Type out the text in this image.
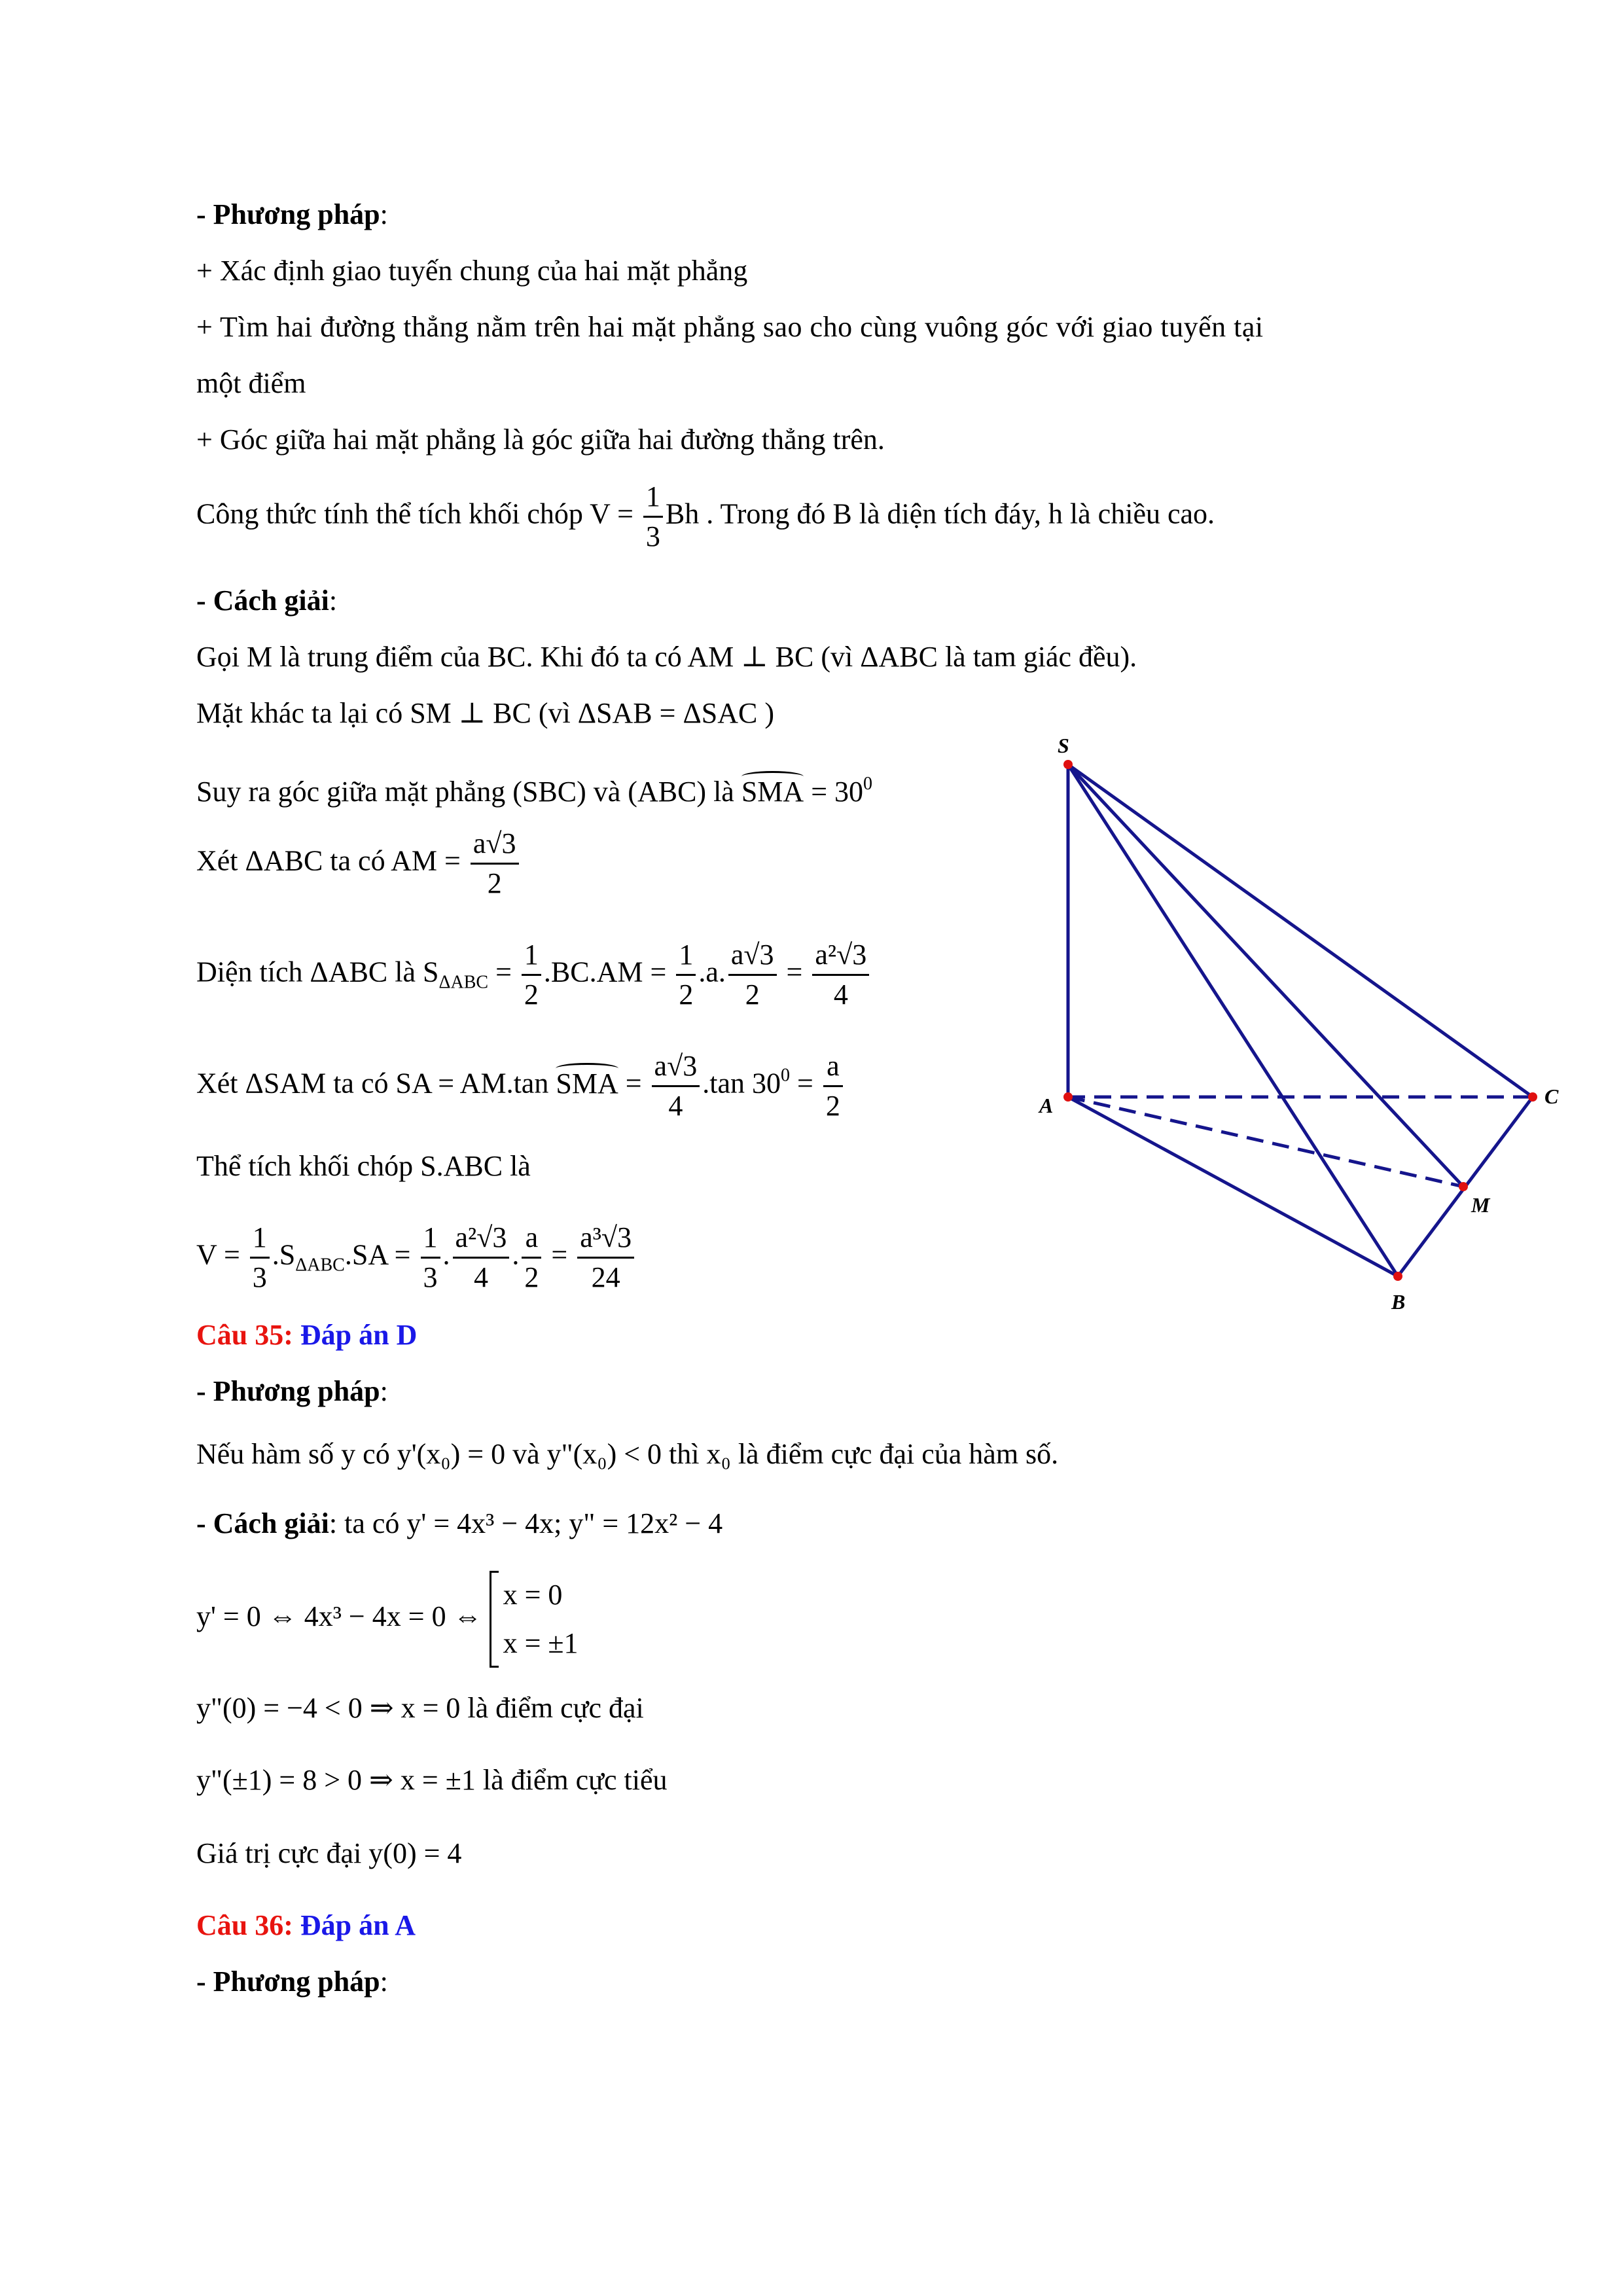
- Phương pháp:
+ Xác định giao tuyến chung của hai mặt phẳng
+ Tìm hai đường thẳng nằm trên hai mặt phẳng sao cho cùng vuông góc với giao tuyến tại
một điểm
+ Góc giữa hai mặt phẳng là góc giữa hai đường thẳng trên.
Công thức tính thể tích khối chóp $V = \frac{1}{3}$ Bh . Trong đó B là diện tích đáy, h là chiều cao.
- Cách giải:
Gọi M là trung điểm của BC. Khi đó ta có AM ⊥ BC (vì ΔABC là tam giác đều).
Mặt khác ta lại có SM ⊥ BC (vì ΔSAB = ΔSAC )
Suy ra góc giữa mặt phẳng (SBC) và (ABC) là SMA = $30^0$
Xét ΔABC ta có AM = $\frac{a√3}{2}$
Diện tích ΔABC là $S_{\Delta ABC} = \frac{1}{2} .BC.AM = \frac{1}{2} .a$. $\frac{a√3}{2} = \frac{\text{a²√3}}{4}$
Xét ΔSAM ta có SA = AM.tan SMA = $\frac{a√3}{4} .\tan$ $30^0 = \frac{a}{2}$
Thể tích khối chóp S.ABC là
$V = \frac{1}{3} .S_{\Delta ABC}.SA = \frac{1}{3}$ . $\frac{\text{a²√3}}{4}$ . $\frac{a}{2} = \frac{\text{a³√3}}{24}$
Câu 35: Đáp án D
- Phương pháp:
Nếu hàm số y có y'(x₀) = 0 và y"(x₀) < 0 thì x₀ là điểm cực đại của hàm số.
- Cách giải: ta có y' = 4x³ − 4x; y" = 12x² − 4
y' = 0 ⇔ 4x³ − 4x = 0 ⇔
x = 0
x = ±1
y"(0) = −4 < 0 ⇒ x = 0 là điểm cực đại
y"(±1) = 8 > 0 ⇒ x = ±1 là điểm cực tiểu
Giá trị cực đại y(0) = 4
Câu 36: Đáp án A
- Phương pháp:
S
A
B
C
M
